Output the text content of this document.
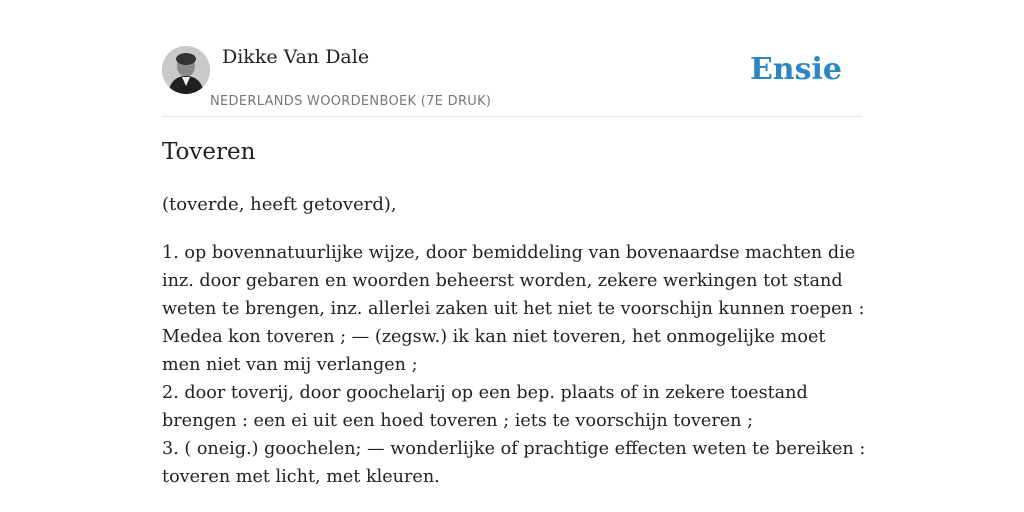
Dikke Van Dale
NEDERLANDS WOORDENBOEK (7E DRUK)
Ensie
Toveren

(toverde, heeft getoverd),

1. op bovennatuurlijke wijze, door bemiddeling van bovenaardse machten die inz. door gebaren en woorden beheerst worden, zekere werkingen tot stand weten te brengen, inz. allerlei zaken uit het niet te voorschijn kunnen roepen : Medea kon toveren ; — (zegsw.) ik kan niet toveren, het onmogelijke moet men niet van mij verlangen ;
2. door toverij, door goochelarij op een bep. plaats of in zekere toestand brengen : een ei uit een hoed toveren ; iets te voorschijn toveren ;
3. ( oneig.) goochelen; — wonderlijke of prachtige effecten weten te bereiken : toveren met licht, met kleuren.
